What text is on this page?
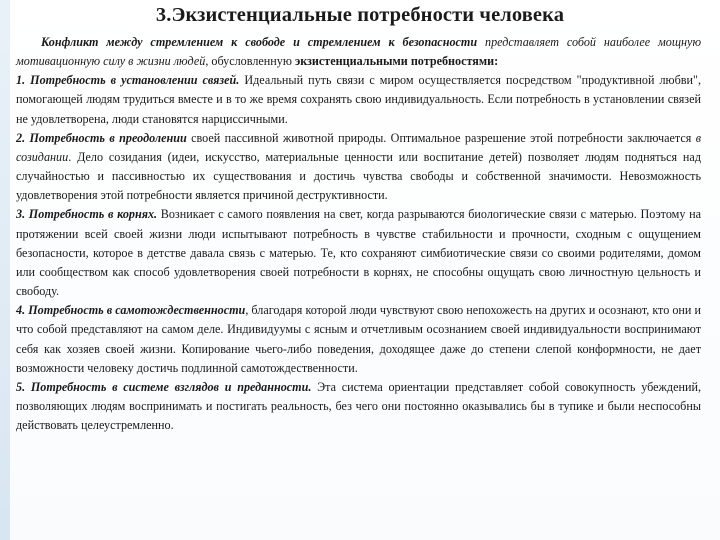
3.Экзистенциальные потребности человека

Конфликт между стремлением к свободе и стремлением к безопасности представляет собой наиболее мощную мотивационную силу в жизни людей, обусловленную экзистенциальными потребностями:

1. Потребность в установлении связей. Идеальный путь связи с миром осуществляется посредством "продуктивной любви", помогающей людям трудиться вместе и в то же время сохранять свою индивидуальность. Если потребность в установлении связей не удовлетворена, люди становятся нарциссичными.

2. Потребность в преодолении своей пассивной животной природы. Оптимальное разрешение этой потребности заключается в созидании. Дело созидания (идеи, искусство, материальные ценности или воспитание детей) позволяет людям подняться над случайностью и пассивностью их существования и достичь чувства свободы и собственной значимости. Невозможность удовлетворения этой потребности является причиной деструктивности.

3. Потребность в корнях. Возникает с самого появления на свет, когда разрываются биологические связи с матерью. Поэтому на протяжении всей своей жизни люди испытывают потребность в чувстве стабильности и прочности, сходным с ощущением безопасности, которое в детстве давала связь с матерью. Те, кто сохраняют симбиотические связи со своими родителями, домом или сообществом как способ удовлетворения своей потребности в корнях, не способны ощущать свою личностную цельность и свободу.

4. Потребность в самотождественности, благодаря которой люди чувствуют свою непохожесть на других и осознают, кто они и что собой представляют на самом деле. Индивидуумы с ясным и отчетливым осознанием своей индивидуальности воспринимают себя как хозяев своей жизни. Копирование чьего-либо поведения, доходящее даже до степени слепой конформности, не дает возможности человеку достичь подлинной самотождественности.

5. Потребность в системе взглядов и преданности. Эта система ориентации представляет собой совокупность убеждений, позволяющих людям воспринимать и постигать реальность, без чего они постоянно оказывались бы в тупике и были неспособны действовать целеустремленно.
